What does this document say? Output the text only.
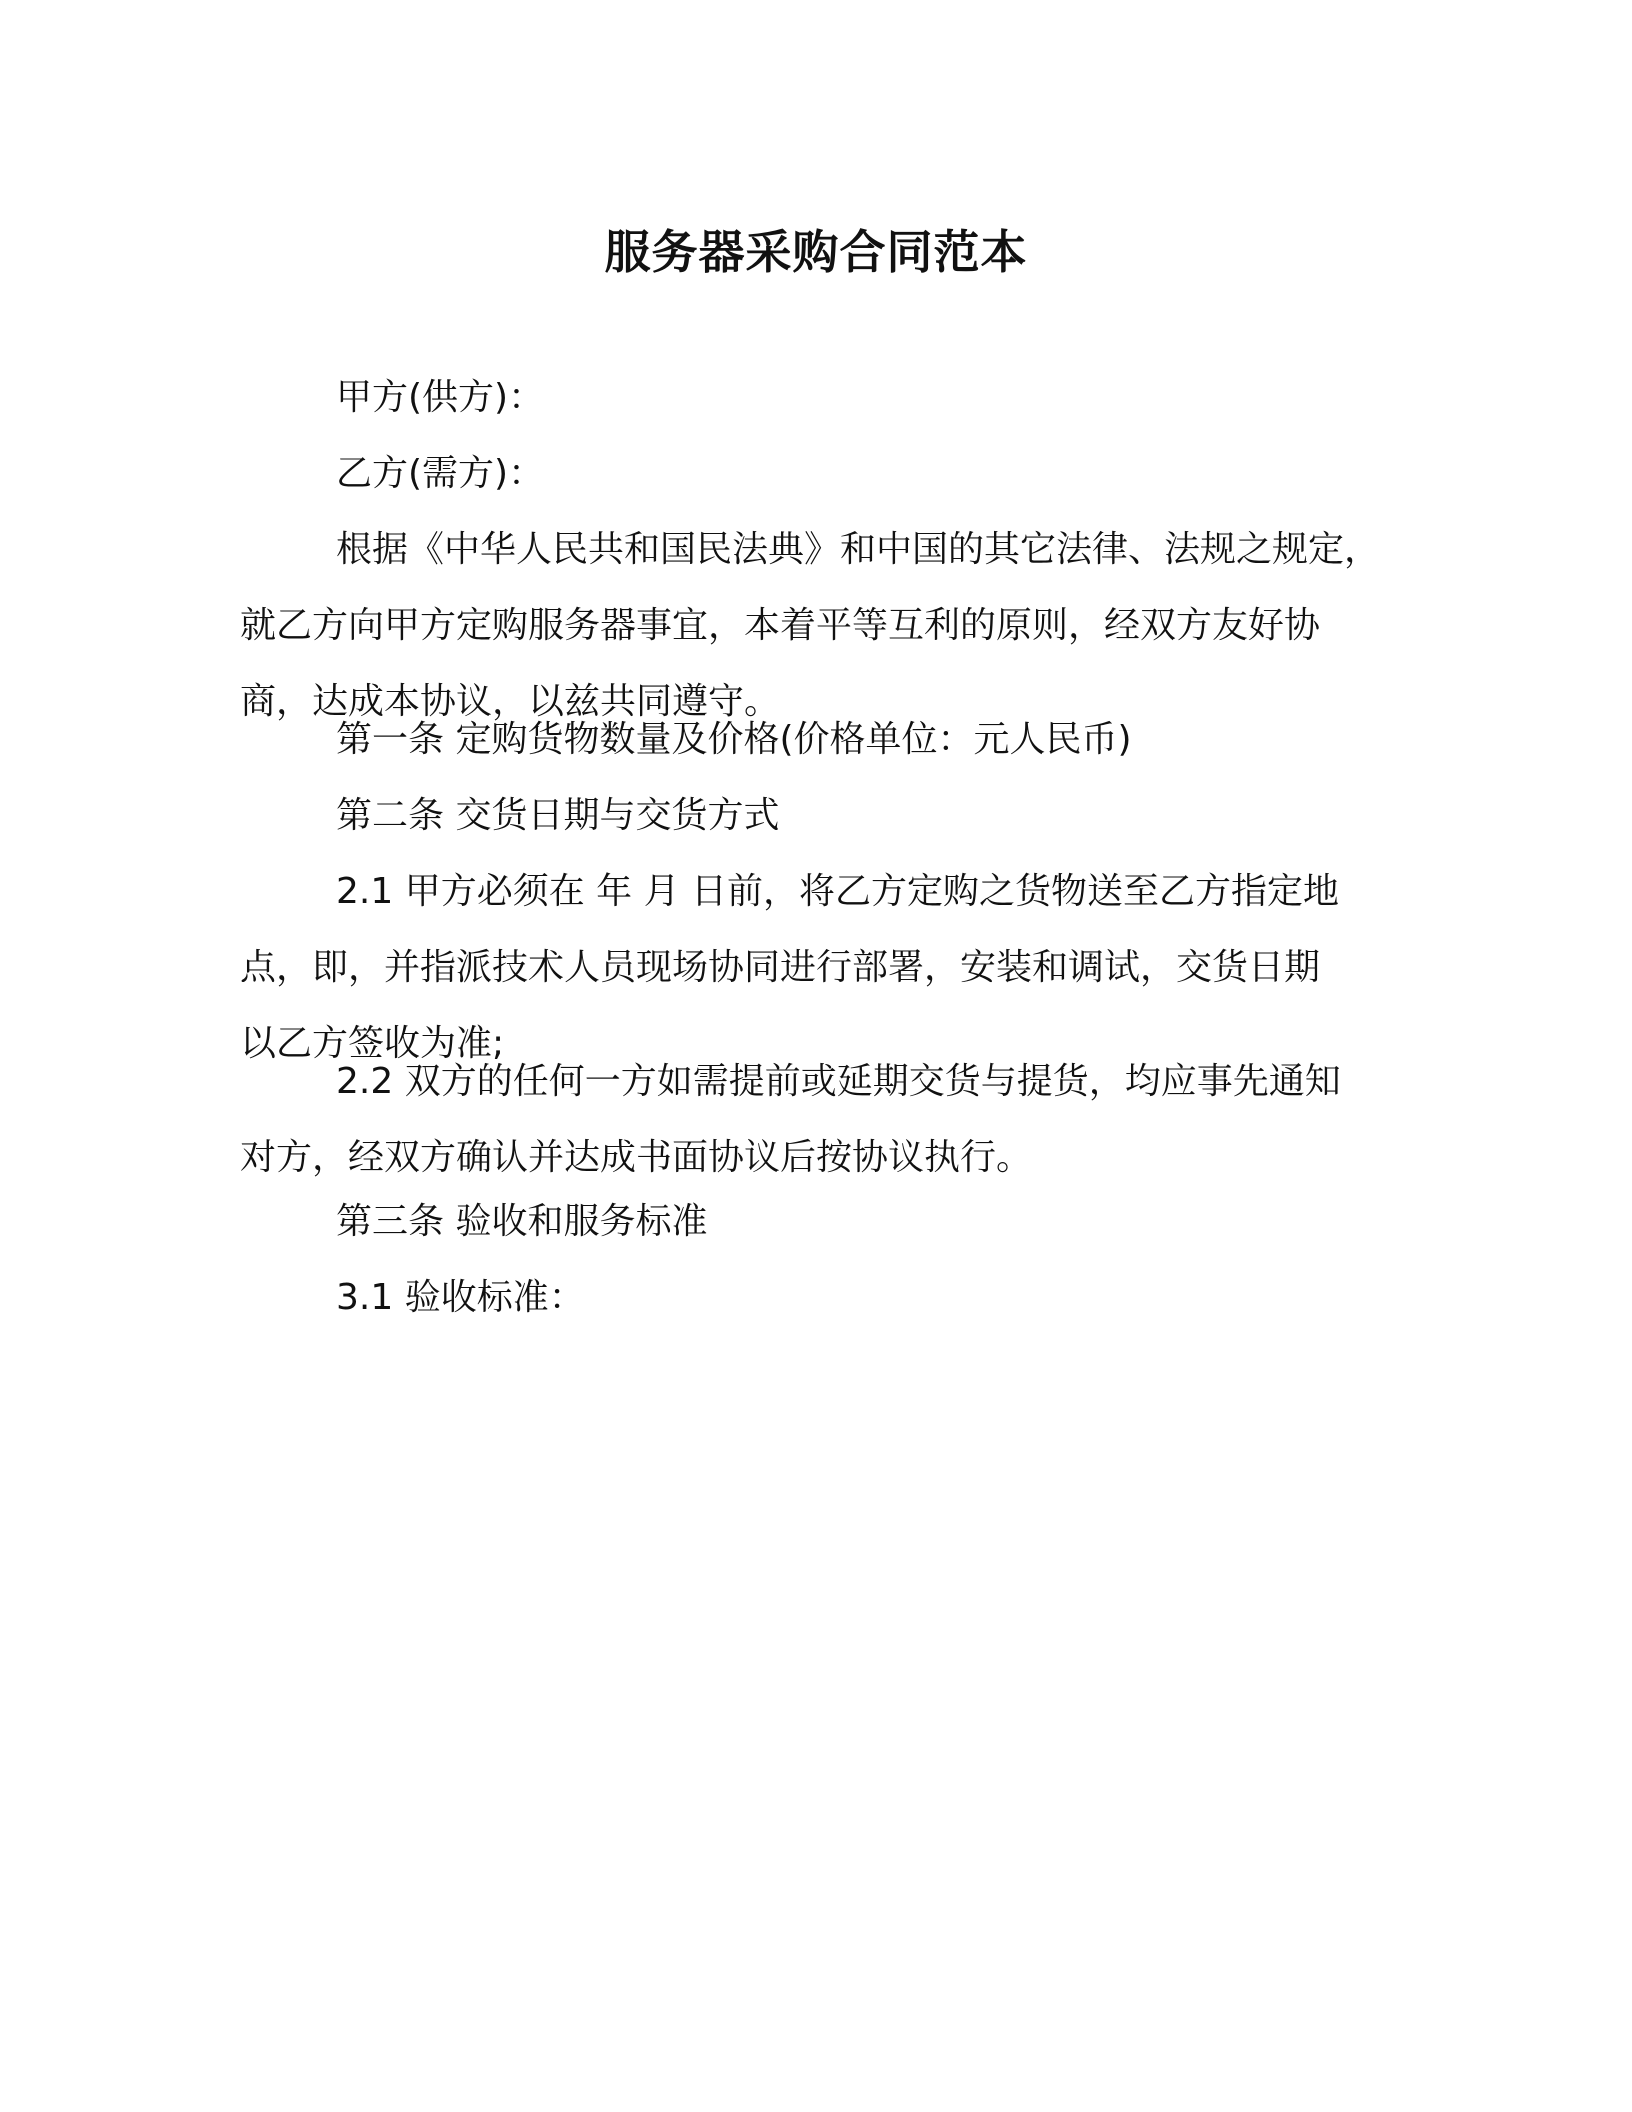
服务器采购合同范本
甲方(供方)：
乙方(需方)：
根据《中华人民共和国民法典》和中国的其它法律、法规之规定，
就乙方向甲方定购服务器事宜，本着平等互利的原则，经双方友好协
商，达成本协议，以兹共同遵守。
第一条 定购货物数量及价格(价格单位：元人民币)
第二条 交货日期与交货方式
2.1 甲方必须在 年 月 日前，将乙方定购之货物送至乙方指定地
点，即，并指派技术人员现场协同进行部署，安装和调试，交货日期
以乙方签收为准;
2.2 双方的任何一方如需提前或延期交货与提货，均应事先通知
对方，经双方确认并达成书面协议后按协议执行。
第三条 验收和服务标准
3.1 验收标准：
